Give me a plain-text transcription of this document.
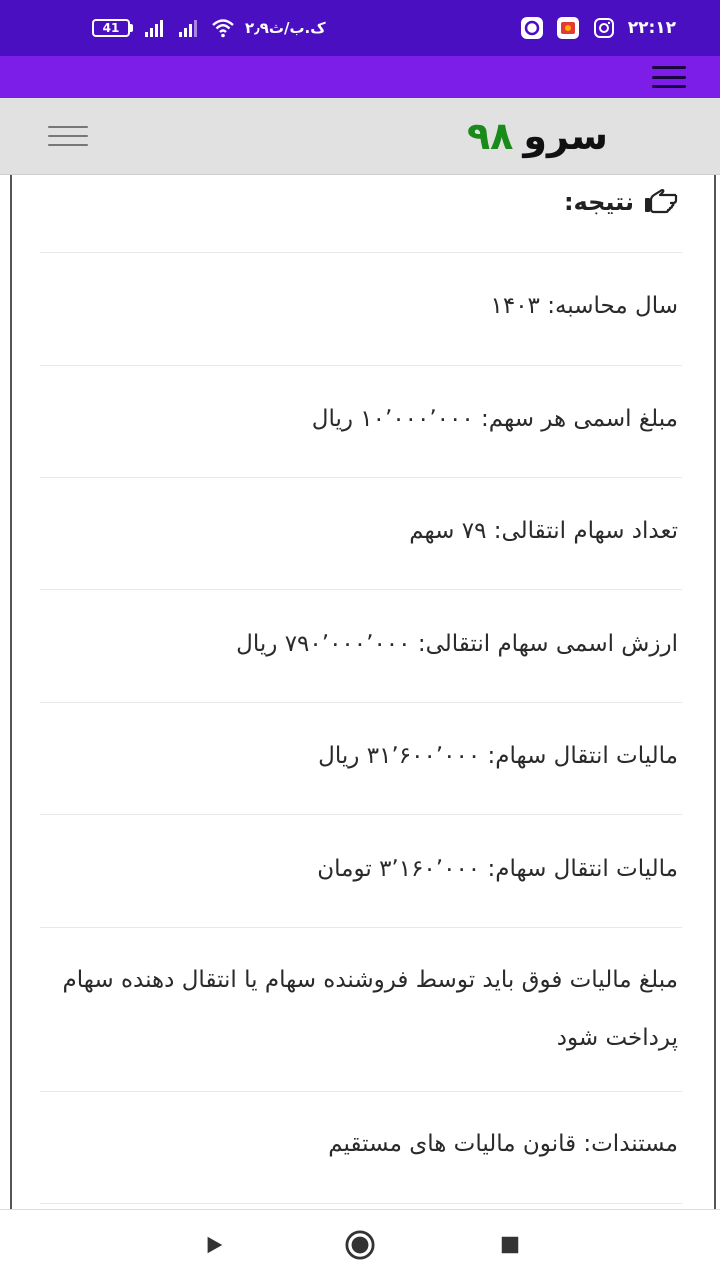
41	۲٫۹ک.ب/ث	۲۲:۱۲
سرو
۹۸
نتیجه:
سال محاسبه: ۱۴۰۳
مبلغ اسمی هر سهم: ۱۰٬۰۰۰٬۰۰۰ ریال
تعداد سهام انتقالی: ۷۹ سهم
ارزش اسمی سهام انتقالی: ۷۹۰٬۰۰۰٬۰۰۰ ریال
مالیات انتقال سهام: ۳۱٬۶۰۰٬۰۰۰ ریال
مالیات انتقال سهام: ۳٬۱۶۰٬۰۰۰ تومان
مبلغ مالیات فوق باید توسط فروشنده سهام یا انتقال دهنده سهام پرداخت شود
مستندات: قانون مالیات های مستقیم
